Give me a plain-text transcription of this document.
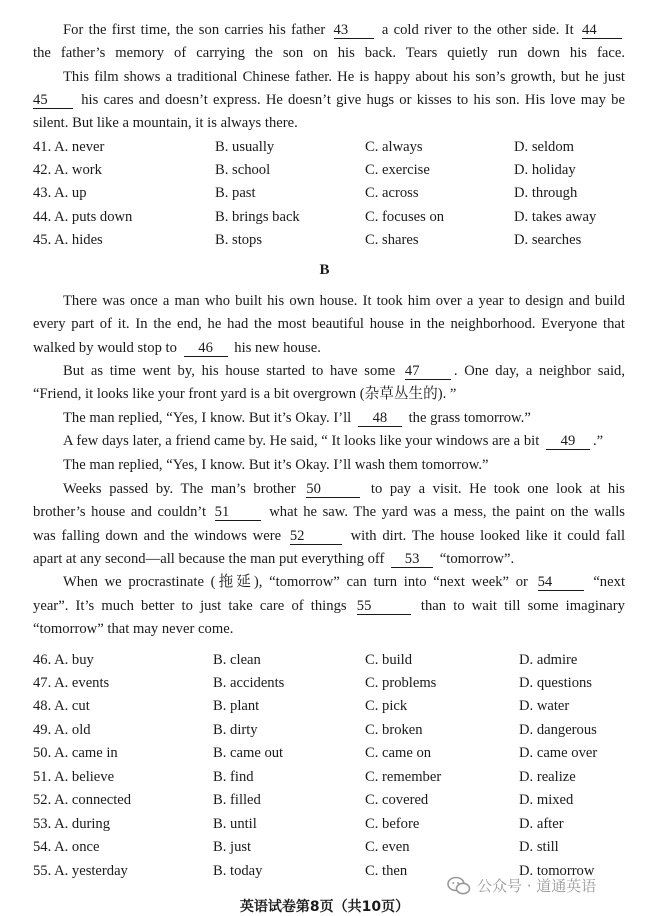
For the first time, the son carries his father 43 a cold river to the other side. It 44
the father’s memory of carrying the son on his back. Tears quietly run down his face.
This film shows a traditional Chinese father. He is happy about his son’s growth, but he just
45 his cares and doesn’t express. He doesn’t give hugs or kisses to his son. His love may be
silent. But like a mountain, it is always there.
41. A. never	B. usually	C. always	D. seldom
42. A. work	B. school	C. exercise	D. holiday
43. A. up	B. past	C. across	D. through
44. A. puts down	B. brings back	C. focuses on	D. takes away
45. A. hides	B. stops	C. shares	D. searches
B
There was once a man who built his own house. It took him over a year to design and build
every part of it. In the end, he had the most beautiful house in the neighborhood. Everyone that
walked by would stop to 46 his new house.
But as time went by, his house started to have some 47 . One day, a neighbor said,
“Friend, it looks like your front yard is a bit overgrown (杂草丛生的). ”
The man replied, “Yes, I know. But it’s Okay. I’ll 48 the grass tomorrow.”
A few days later, a friend came by. He said, “ It looks like your windows are a bit 49 .”
The man replied, “Yes, I know. But it’s Okay. I’ll wash them tomorrow.”
Weeks passed by. The man’s brother 50	to pay a visit. He took one look at his
brother’s house and couldn’t 51	what he saw. The yard was a mess, the paint on the walls
was falling down and the windows were 52	with dirt. The house looked like it could fall
apart at any second—all because the man put everything off 53 “tomorrow”.
When we procrastinate (拖延), “tomorrow” can turn into “next week” or 54	“next
year”. It’s much better to just take care of things 55	than to wait till some imaginary
“tomorrow” that may never come.
46. A. buy	B. clean	C. build	D. admire
47. A. events	B. accidents	C. problems	D. questions
48. A. cut	B. plant	C. pick	D. water
49. A. old	B. dirty	C. broken	D. dangerous
50. A. came in	B. came out	C. came on	D. came over
51. A. believe	B. find	C. remember	D. realize
52. A. connected	B. filled	C. covered	D. mixed
53. A. during	B. until	C. before	D. after
54. A. once	B. just	C. even	D. still
55. A. yesterday	B. today	C. then	D. tomorrow
公众号 · 道通英语
英语试卷第8页（共10页）
